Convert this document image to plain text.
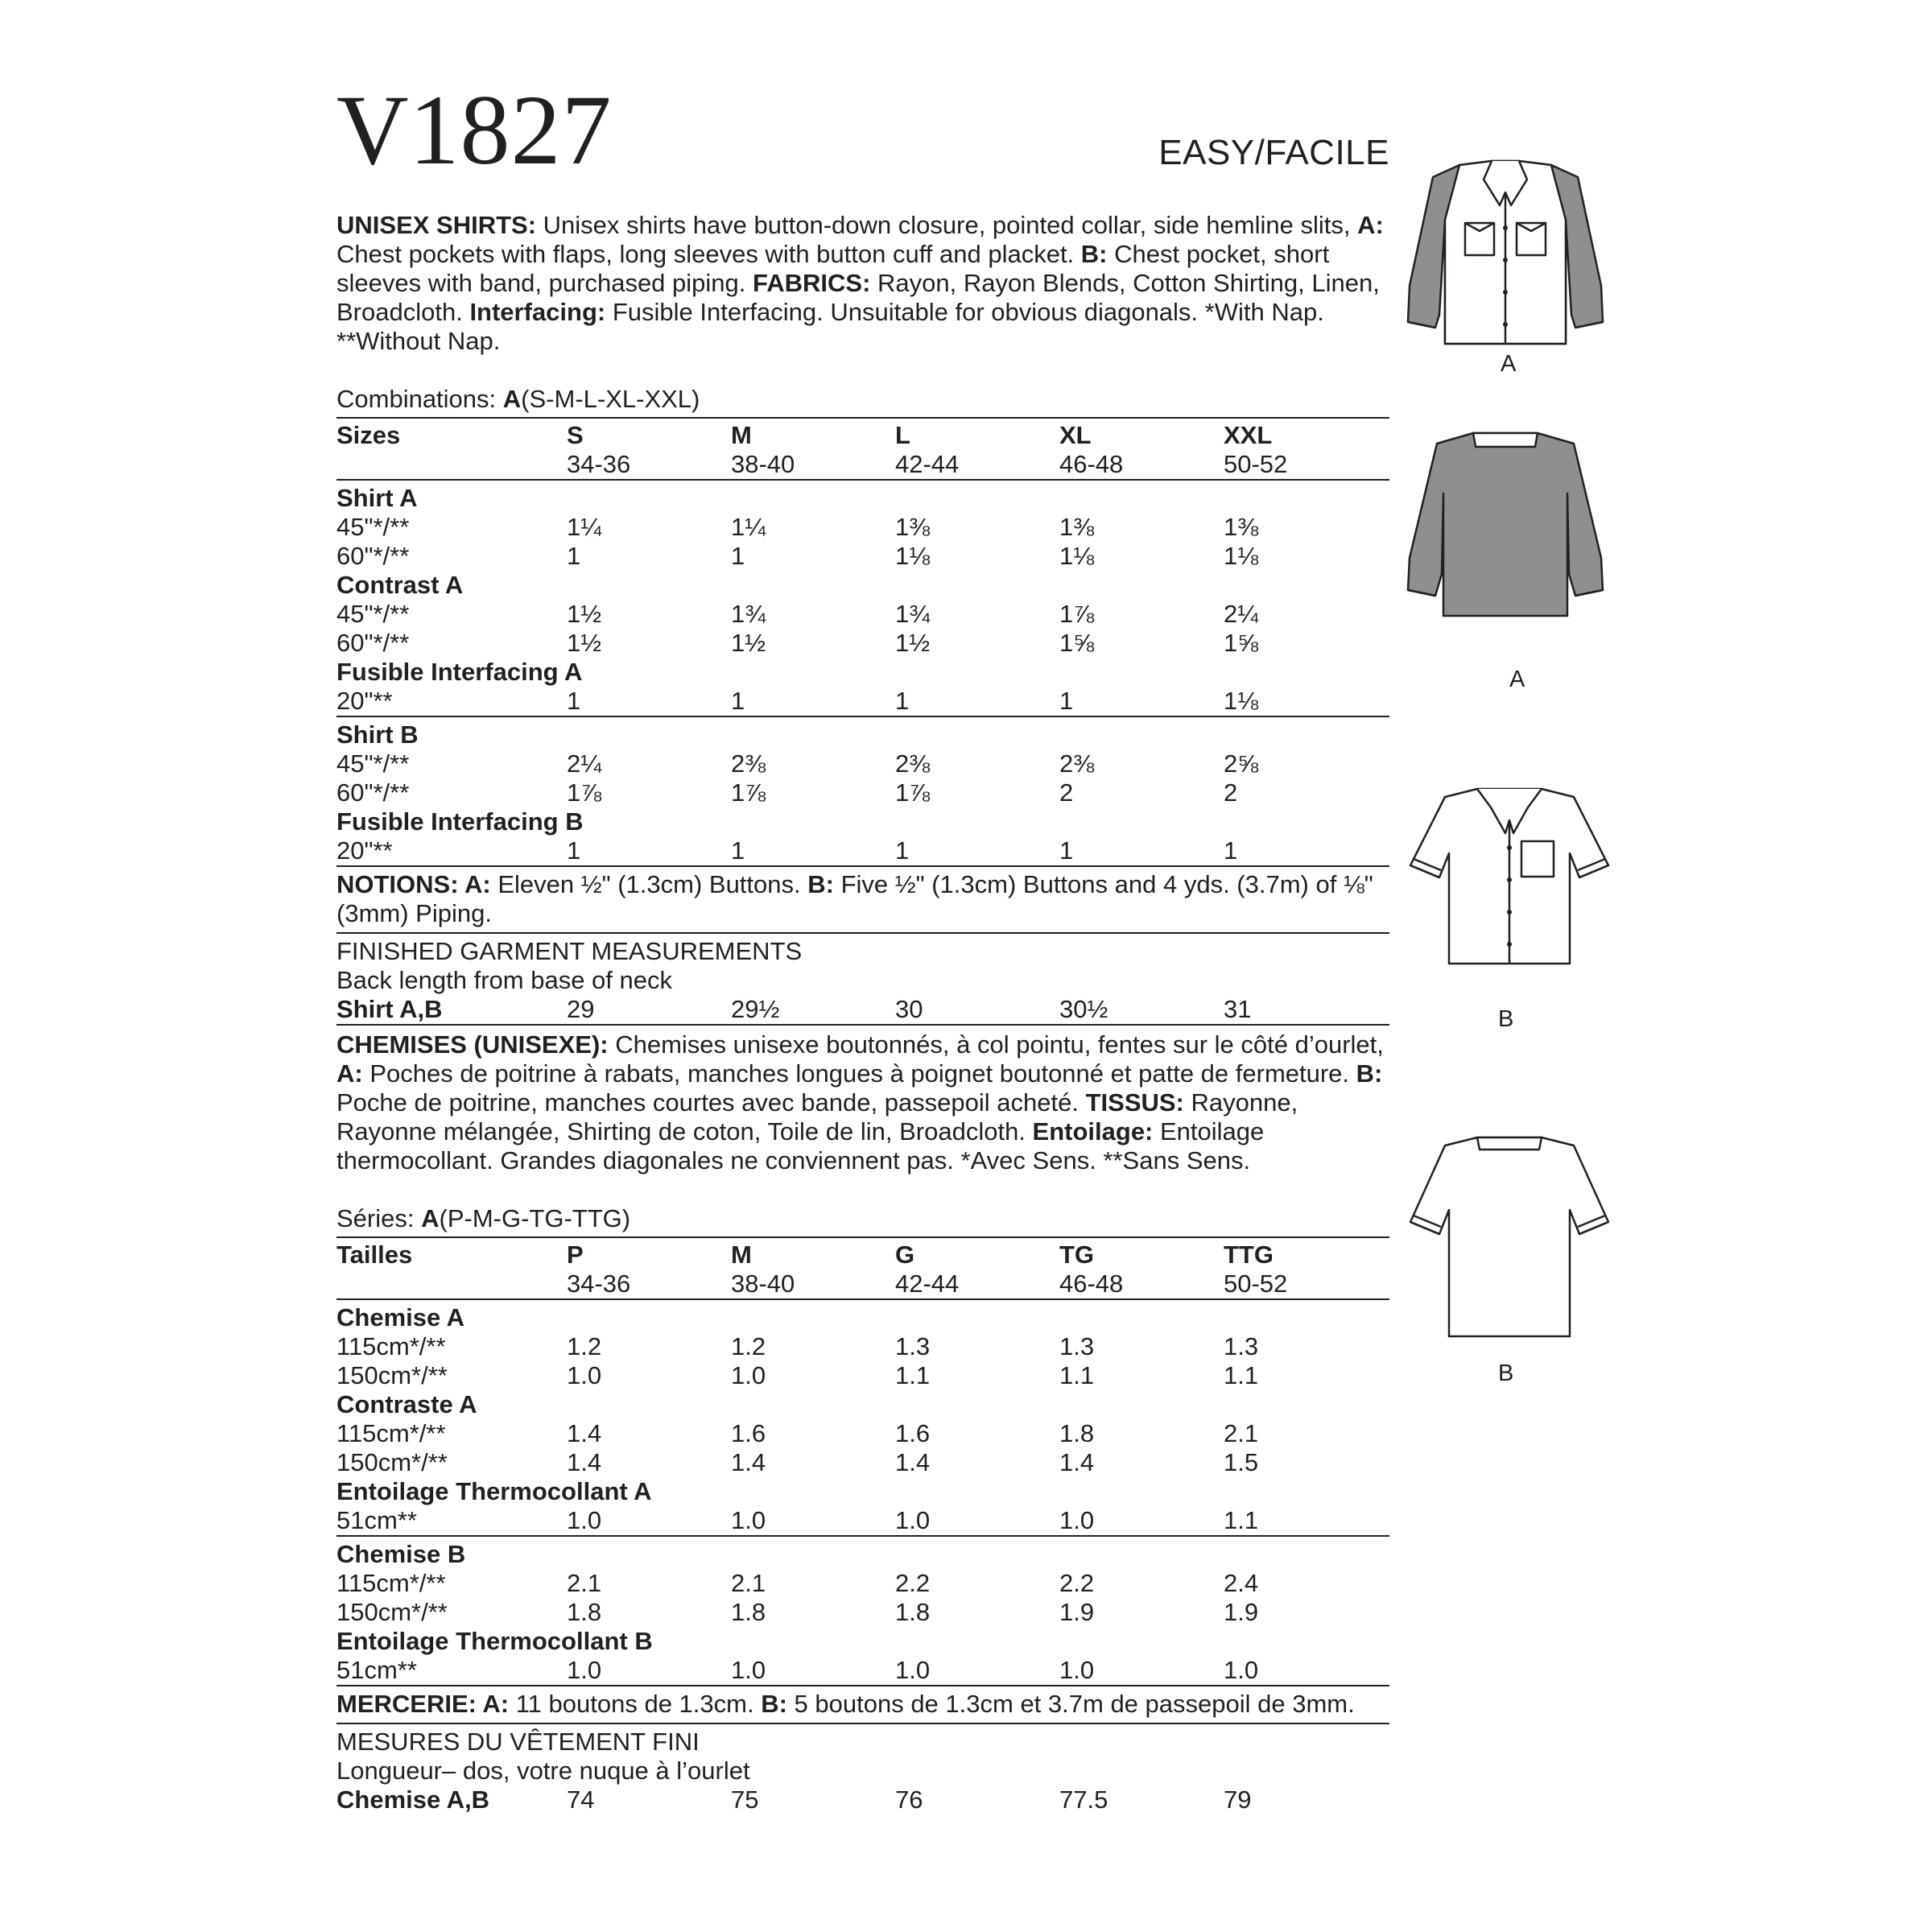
V1827	EASY/FACILE

UNISEX SHIRTS: Unisex shirts have button-down closure, pointed collar, side hemline slits, A: Chest pockets with flaps, long sleeves with button cuff and placket. B: Chest pocket, short sleeves with band, purchased piping. FABRICS: Rayon, Rayon Blends, Cotton Shirting, Linen, Broadcloth. Interfacing: Fusible Interfacing. Unsuitable for obvious diagonals. *With Nap. **Without Nap.

Combinations: A(S-M-L-XL-XXL)

Sizes	S	M	L	XL	XXL
34-36	38-40	42-44	46-48	50-52
Shirt A
45"*/**	1¼	1¼	1⅜	1⅜	1⅜
60"*/**	1	1	1⅛	1⅛	1⅛
Contrast A
45"*/**	1½	1¾	1¾	1⅞	2¼
60"*/**	1½	1½	1½	1⅝	1⅝
Fusible Interfacing A
20"**	1	1	1	1	1⅛
Shirt B
45"*/**	2¼	2⅜	2⅜	2⅜	2⅝
60"*/**	1⅞	1⅞	1⅞	2	2
Fusible Interfacing B
20"**	1	1	1	1	1

NOTIONS: A: Eleven ½" (1.3cm) Buttons. B: Five ½" (1.3cm) Buttons and 4 yds. (3.7m) of ⅛" (3mm) Piping.

FINISHED GARMENT MEASUREMENTS
Back length from base of neck
Shirt A,B	29	29½	30	30½	31

CHEMISES (UNISEXE): Chemises unisexe boutonnés, à col pointu, fentes sur le côté d’ourlet, A: Poches de poitrine à rabats, manches longues à poignet boutonné et patte de fermeture. B: Poche de poitrine, manches courtes avec bande, passepoil acheté. TISSUS: Rayonne, Rayonne mélangée, Shirting de coton, Toile de lin, Broadcloth. Entoilage: Entoilage thermocollant. Grandes diagonales ne conviennent pas. *Avec Sens. **Sans Sens.

Séries: A(P-M-G-TG-TTG)

Tailles	P	M	G	TG	TTG
34-36	38-40	42-44	46-48	50-52
Chemise A
115cm*/**	1.2	1.2	1.3	1.3	1.3
150cm*/**	1.0	1.0	1.1	1.1	1.1
Contraste A
115cm*/**	1.4	1.6	1.6	1.8	2.1
150cm*/**	1.4	1.4	1.4	1.4	1.5
Entoilage Thermocollant A
51cm**	1.0	1.0	1.0	1.0	1.1
Chemise B
115cm*/**	2.1	2.1	2.2	2.2	2.4
150cm*/**	1.8	1.8	1.8	1.9	1.9
Entoilage Thermocollant B
51cm**	1.0	1.0	1.0	1.0	1.0

MERCERIE: A: 11 boutons de 1.3cm. B: 5 boutons de 1.3cm et 3.7m de passepoil de 3mm.

MESURES DU VÊTEMENT FINI
Longueur– dos, votre nuque à l’ourlet
Chemise A,B	74	75	76	77.5	79
A
A
B
B
